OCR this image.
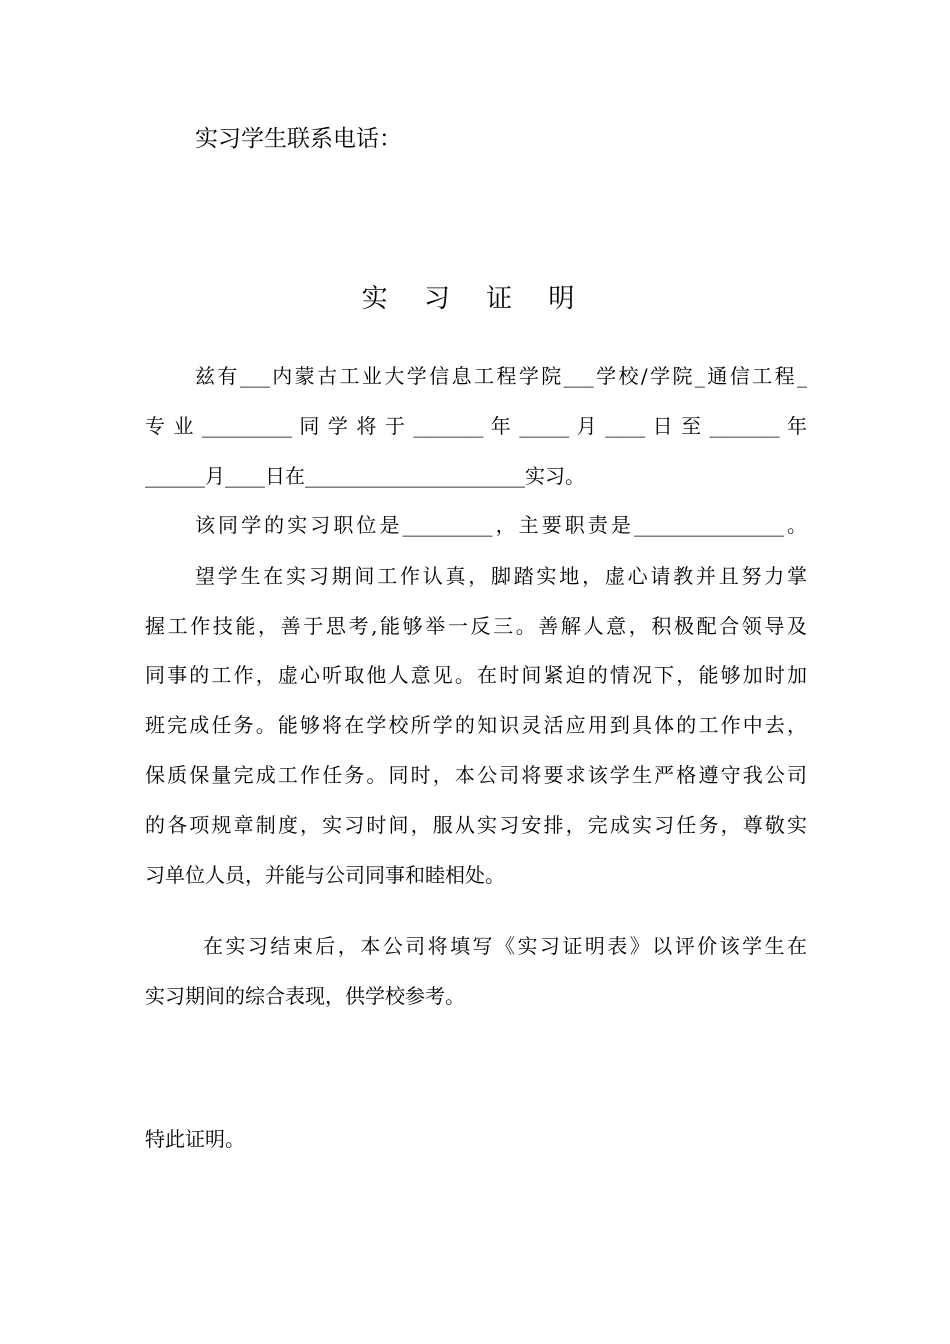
实习学生联系电话：
实 习 证 明
兹有___内蒙古工业大学信息工程学院___学校/学院_通信工程_
专 业 _________ 同 学 将 于 _______ 年 _____ 月 ____ 日 至 _______ 年
______月____日在______________________实习。
该同学的实习职位是_________，主要职责是_______________。
望学生在实习期间工作认真，脚踏实地，虚心请教并且努力掌
握工作技能，善于思考,能够举一反三。善解人意，积极配合领导及
同事的工作，虚心听取他人意见。在时间紧迫的情况下，能够加时加
班完成任务。能够将在学校所学的知识灵活应用到具体的工作中去，
保质保量完成工作任务。同时，本公司将要求该学生严格遵守我公司
的各项规章制度，实习时间，服从实习安排，完成实习任务，尊敬实
习单位人员，并能与公司同事和睦相处。
在实习结束后，本公司将填写《实习证明表》以评价该学生在
实习期间的综合表现，供学校参考。
特此证明。
